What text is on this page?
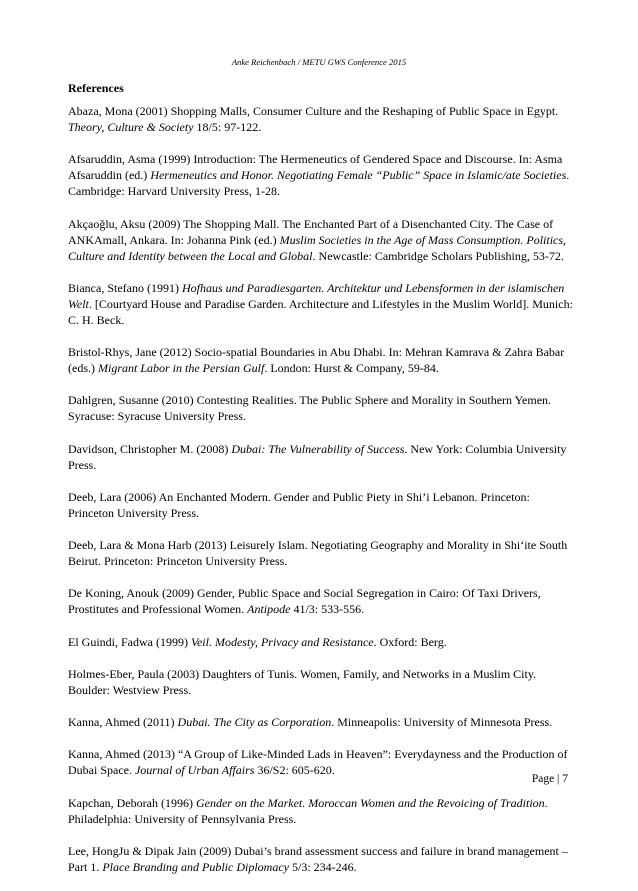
Anke Reichenbach / METU GWS Conference 2015
References
Abaza, Mona (2001) Shopping Malls, Consumer Culture and the Reshaping of Public Space in Egypt.
Theory, Culture & Society 18/5: 97-122.
Afsaruddin, Asma (1999) Introduction: The Hermeneutics of Gendered Space and Discourse. In: Asma
Afsaruddin (ed.) Hermeneutics and Honor. Negotiating Female “Public” Space in Islamic/ate Societies.
Cambridge: Harvard University Press, 1-28.
Akçaoğlu, Aksu (2009) The Shopping Mall. The Enchanted Part of a Disenchanted City. The Case of
ANKAmall, Ankara. In: Johanna Pink (ed.) Muslim Societies in the Age of Mass Consumption. Politics,
Culture and Identity between the Local and Global. Newcastle: Cambridge Scholars Publishing, 53-72.
Bianca, Stefano (1991) Hofhaus und Paradiesgarten. Architektur und Lebensformen in der islamischen
Welt. [Courtyard House and Paradise Garden. Architecture and Lifestyles in the Muslim World]. Munich:
C. H. Beck.
Bristol-Rhys, Jane (2012) Socio-spatial Boundaries in Abu Dhabi. In: Mehran Kamrava & Zahra Babar
(eds.) Migrant Labor in the Persian Gulf. London: Hurst & Company, 59-84.
Dahlgren, Susanne (2010) Contesting Realities. The Public Sphere and Morality in Southern Yemen.
Syracuse: Syracuse University Press.
Davidson, Christopher M. (2008) Dubai: The Vulnerability of Success. New York: Columbia University
Press.
Deeb, Lara (2006) An Enchanted Modern. Gender and Public Piety in Shi’i Lebanon. Princeton:
Princeton University Press.
Deeb, Lara & Mona Harb (2013) Leisurely Islam. Negotiating Geography and Morality in Shi‘ite South
Beirut. Princeton: Princeton University Press.
De Koning, Anouk (2009) Gender, Public Space and Social Segregation in Cairo: Of Taxi Drivers,
Prostitutes and Professional Women. Antipode 41/3: 533-556.
El Guindi, Fadwa (1999) Veil. Modesty, Privacy and Resistance. Oxford: Berg.
Holmes-Eber, Paula (2003) Daughters of Tunis. Women, Family, and Networks in a Muslim City.
Boulder: Westview Press.
Kanna, Ahmed (2011) Dubai. The City as Corporation. Minneapolis: University of Minnesota Press.
Kanna, Ahmed (2013) “A Group of Like-Minded Lads in Heaven”: Everydayness and the Production of
Dubai Space. Journal of Urban Affairs 36/S2: 605-620.
Kapchan, Deborah (1996) Gender on the Market. Moroccan Women and the Revoicing of Tradition.
Philadelphia: University of Pennsylvania Press.
Lee, HongJu & Dipak Jain (2009) Dubai’s brand assessment success and failure in brand management –
Part 1. Place Branding and Public Diplomacy 5/3: 234-246.
Page | 7
